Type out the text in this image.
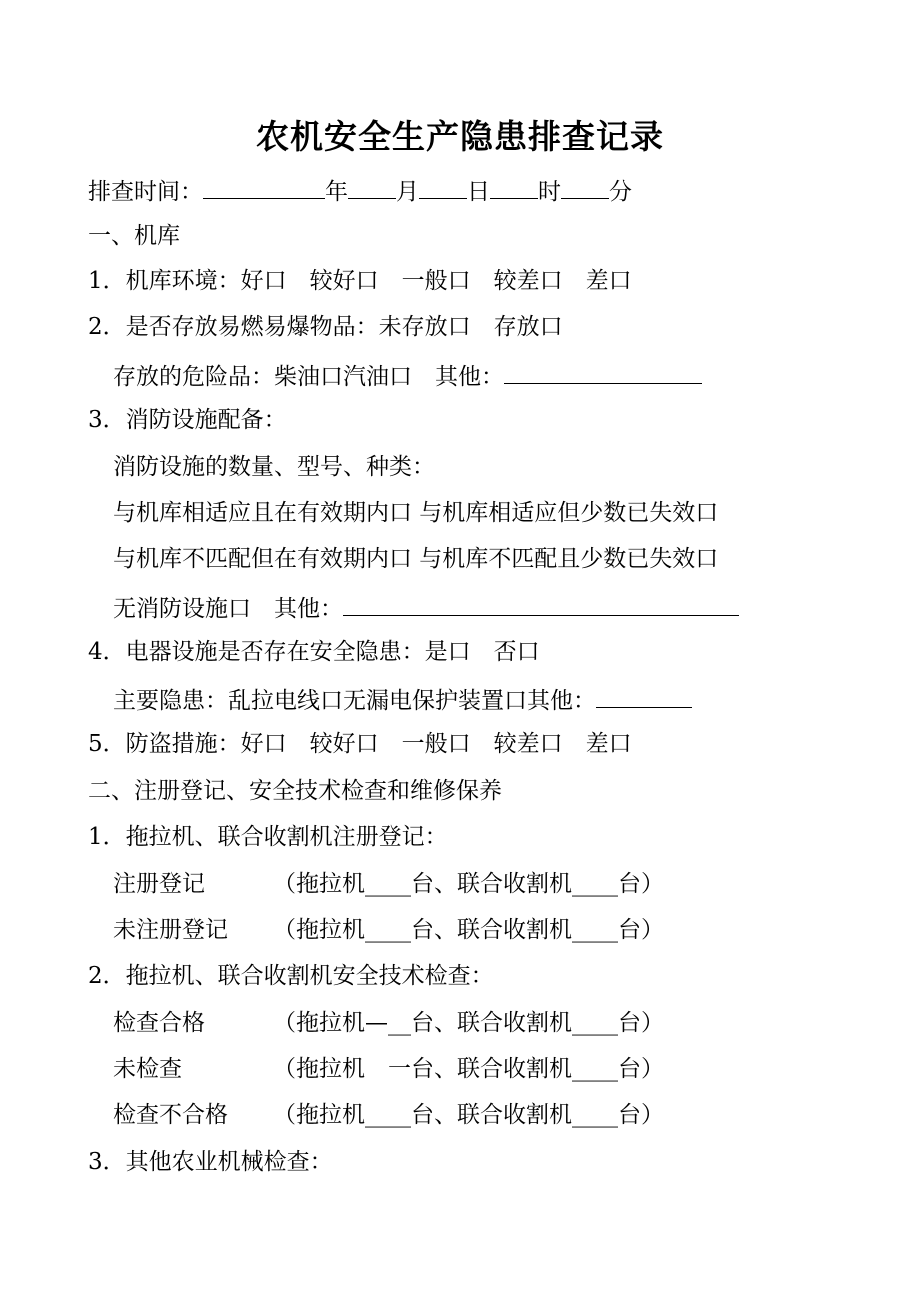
农机安全生产隐患排查记录
排查时间：	年 月 日 时 分
一、机库
1．机库环境：好口　较好口　一般口　较差口　差口
2．是否存放易燃易爆物品：未存放口　存放口
存放的危险品：柴油口汽油口　其他：
3．消防设施配备：
消防设施的数量、型号、种类：
与机库相适应且在有效期内口 与机库相适应但少数已失效口
与机库不匹配但在有效期内口 与机库不匹配且少数已失效口
无消防设施口　其他：
4．电器设施是否存在安全隐患：是口　否口
主要隐患：乱拉电线口无漏电保护装置口其他：
5．防盗措施：好口　较好口　一般口　较差口　差口
二、注册登记、安全技术检查和维修保养
1．拖拉机、联合收割机注册登记：
注册登记	（拖拉机____台、联合收割机____台）
未注册登记 （拖拉机____台、联合收割机____台）
2．拖拉机、联合收割机安全技术检查：
检查合格	（拖拉机—__台、联合收割机____台）
未检查	（拖拉机　一台、联合收割机____台）
检查不合格 （拖拉机____台、联合收割机____台）
3．其他农业机械检查：
